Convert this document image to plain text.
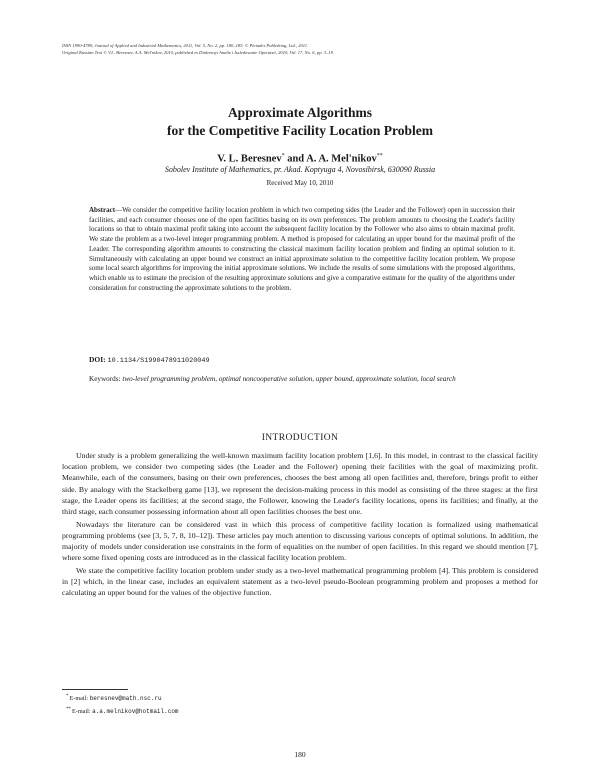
ISSN 1990-4789, Journal of Applied and Industrial Mathematics, 2011, Vol. 5, No. 2, pp. 180–185. © Pleiades Publishing, Ltd., 2011.
Original Russian Text © V.L. Beresnev, A.A. Mel'nikov, 2010, published in Diskretnyi Analiz i Issledovanie Operatsii, 2010, Vol. 17, No. 6, pp. 3–19.
Approximate Algorithms
for the Competitive Facility Location Problem
V. L. Beresnev* and A. A. Mel'nikov**
Sobolev Institute of Mathematics, pr. Akad. Koptyuga 4, Novosibirsk, 630090 Russia
Received May 10, 2010
Abstract—We consider the competitive facility location problem in which two competing sides (the Leader and the Follower) open in succession their facilities, and each consumer chooses one of the open facilities basing on its own preferences. The problem amounts to choosing the Leader's facility locations so that to obtain maximal profit taking into account the subsequent facility location by the Follower who also aims to obtain maximal profit. We state the problem as a two-level integer programming problem. A method is proposed for calculating an upper bound for the maximal profit of the Leader. The corresponding algorithm amounts to constructing the classical maximum facility location problem and finding an optimal solution to it. Simultaneously with calculating an upper bound we construct an initial approximate solution to the competitive facility location problem. We propose some local search algorithms for improving the initial approximate solutions. We include the results of some simulations with the proposed algorithms, which enable us to estimate the precision of the resulting approximate solutions and give a comparative estimate for the quality of the algorithms under consideration for constructing the approximate solutions to the problem.
DOI: 10.1134/S1990478911020049
Keywords: two-level programming problem, optimal noncooperative solution, upper bound, approximate solution, local search
INTRODUCTION

Under study is a problem generalizing the well-known maximum facility location problem [1,6]. In this model, in contrast to the classical facility location problem, we consider two competing sides (the Leader and the Follower) opening their facilities with the goal of maximizing profit. Meanwhile, each of the consumers, basing on their own preferences, chooses the best among all open facilities and, therefore, brings profit to either side. By analogy with the Stackelberg game [13], we represent the decision-making process in this model as consisting of the three stages: at the first stage, the Leader opens its facilities; at the second stage, the Follower, knowing the Leader's facility locations, opens its facilities; and finally, at the third stage, each consumer possessing information about all open facilities chooses the best one.

Nowadays the literature can be considered vast in which this process of competitive facility location is formalized using mathematical programming problems (see [3, 5, 7, 8, 10–12]). These articles pay much attention to discussing various concepts of optimal solutions. In addition, the majority of models under consideration use constraints in the form of equalities on the number of open facilities. In this regard we should mention [7], where some fixed opening costs are introduced as in the classical facility location problem.

We state the competitive facility location problem under study as a two-level mathematical programming problem [4]. This problem is considered in [2] which, in the linear case, includes an equivalent statement as a two-level pseudo-Boolean programming problem and proposes a method for calculating an upper bound for the values of the objective function.

*E-mail: beresnev@math.nsc.ru
**E-mail: a.a.melnikov@hotmail.com
180
